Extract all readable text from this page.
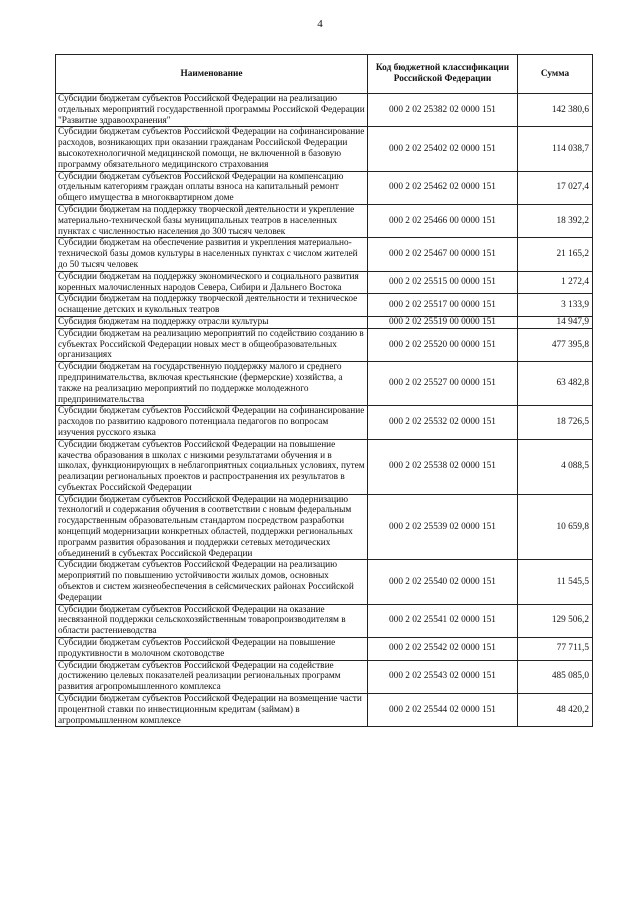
4
Наименование	Код бюджетной классификации Российской Федерации	Сумма
Субсидии бюджетам субъектов Российской Федерации на реализацию отдельных мероприятий государственной программы Российской Федерации "Развитие здравоохранения"	000 2 02 25382 02 0000 151	142 380,6
Субсидии бюджетам субъектов Российской Федерации на софинансирование расходов, возникающих при оказании гражданам Российской Федерации высокотехнологичной медицинской помощи, не включенной в базовую программу обязательного медицинского страхования	000 2 02 25402 02 0000 151	114 038,7
Субсидии бюджетам субъектов Российской Федерации на компенсацию отдельным категориям граждан оплаты взноса на капитальный ремонт общего имущества в многоквартирном доме	000 2 02 25462 02 0000 151	17 027,4
Субсидии бюджетам на поддержку творческой деятельности и укрепление материально-технической базы муниципальных театров в населенных пунктах с численностью населения до 300 тысяч человек	000 2 02 25466 00 0000 151	18 392,2
Субсидии бюджетам на обеспечение развития и укрепления материально-технической базы домов культуры в населенных пунктах с числом жителей до 50 тысяч человек	000 2 02 25467 00 0000 151	21 165,2
Субсидии бюджетам на поддержку экономического и социального развития коренных малочисленных народов Севера, Сибири и Дальнего Востока	000 2 02 25515 00 0000 151	1 272,4
Субсидии бюджетам на поддержку творческой деятельности и техническое оснащение детских и кукольных театров	000 2 02 25517 00 0000 151	3 133,9
Субсидия бюджетам на поддержку отрасли культуры	000 2 02 25519 00 0000 151	14 947,9
Субсидии бюджетам на реализацию мероприятий по содействию созданию в субъектах Российской Федерации новых мест в общеобразовательных организациях	000 2 02 25520 00 0000 151	477 395,8
Субсидии бюджетам на государственную поддержку малого и среднего предпринимательства, включая крестьянские (фермерские) хозяйства, а также на реализацию мероприятий по поддержке молодежного предпринимательства	000 2 02 25527 00 0000 151	63 482,8
Субсидии бюджетам субъектов Российской Федерации на софинансирование расходов по развитию кадрового потенциала педагогов по вопросам изучения русского языка	000 2 02 25532 02 0000 151	18 726,5
Субсидии бюджетам субъектов Российской Федерации на повышение качества образования в школах с низкими результатами обучения и в школах, функционирующих в неблагоприятных социальных условиях, путем реализации региональных проектов и распространения их результатов в субъектах Российской Федерации	000 2 02 25538 02 0000 151	4 088,5
Субсидии бюджетам субъектов Российской Федерации на модернизацию технологий и содержания обучения в соответствии с новым федеральным государственным образовательным стандартом посредством разработки концепций модернизации конкретных областей, поддержки региональных программ развития образования и поддержки сетевых методических объединений в субъектах Российской Федерации	000 2 02 25539 02 0000 151	10 659,8
Субсидии бюджетам субъектов Российской Федерации на реализацию мероприятий по повышению устойчивости жилых домов, основных объектов и систем жизнеобеспечения в сейсмических районах Российской Федерации	000 2 02 25540 02 0000 151	11 545,5
Субсидии бюджетам субъектов Российской Федерации на оказание несвязанной поддержки сельскохозяйственным товаропроизводителям в области растениеводства	000 2 02 25541 02 0000 151	129 506,2
Субсидии бюджетам субъектов Российской Федерации на повышение продуктивности в молочном скотоводстве	000 2 02 25542 02 0000 151	77 711,5
Субсидии бюджетам субъектов Российской Федерации на содействие достижению целевых показателей реализации региональных программ развития агропромышленного комплекса	000 2 02 25543 02 0000 151	485 085,0
Субсидии бюджетам субъектов Российской Федерации на возмещение части процентной ставки по инвестиционным кредитам (займам) в агропромышленном комплексе	000 2 02 25544 02 0000 151	48 420,2
